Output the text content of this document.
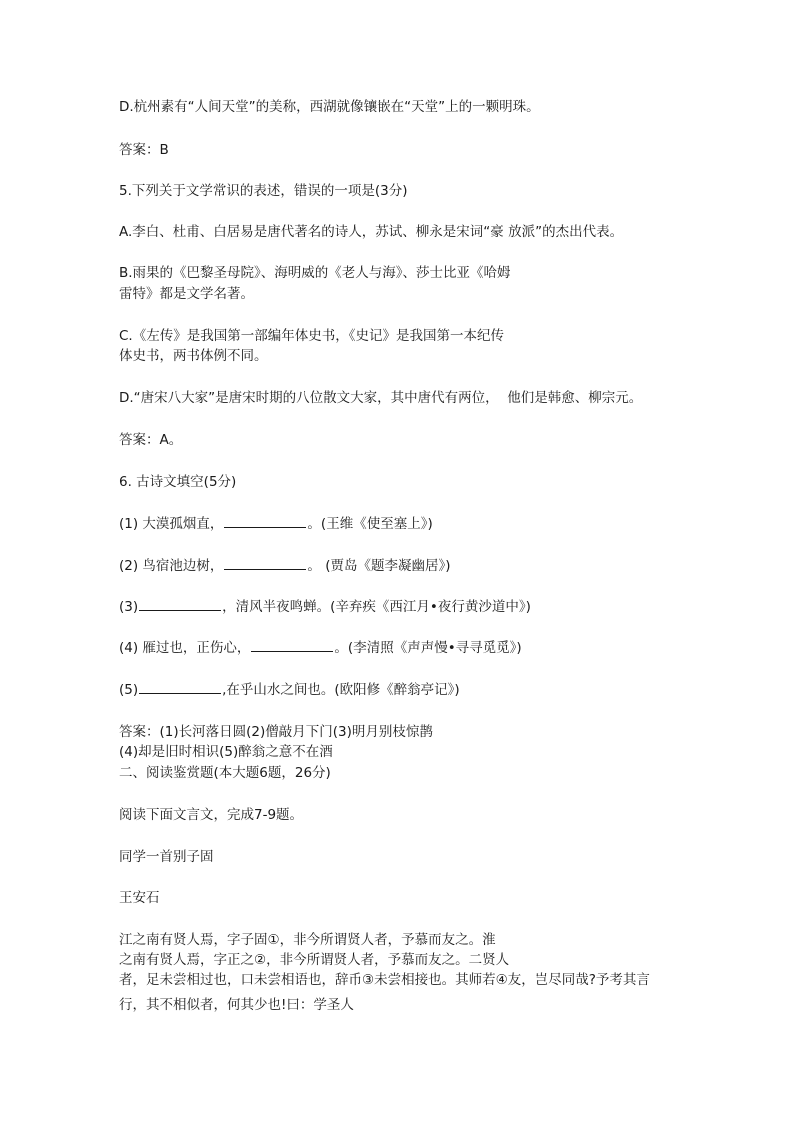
D.杭州素有“人间天堂”的美称，西湖就像镶嵌在“天堂”上的一颗明珠。
答案：B
5.下列关于文学常识的表述，错误的一项是(3分)
A.李白、杜甫、白居易是唐代著名的诗人，苏试、柳永是宋词“豪 放派”的杰出代表。
B.雨果的《巴黎圣母院》、海明威的《老人与海》、莎士比亚《哈姆
雷特》都是文学名著。
C.《左传》是我国第一部编年体史书，《史记》是我国第一本纪传
体史书，两书体例不同。
D.“唐宋八大家”是唐宋时期的八位散文大家，其中唐代有两位，  他们是韩愈、柳宗元。
答案：A。
6. 古诗文填空(5分)
(1) 大漠孤烟直，	。(王维《使至塞上》)
(2) 鸟宿池边树，	。 (贾岛《题李凝幽居》)
(3)	，清风半夜鸣蝉。(辛弃疾《西江月•夜行黄沙道中》)
(4) 雁过也，正伤心，	。(李清照《声声慢•寻寻觅觅》)
(5)	,在乎山水之间也。(欧阳修《醉翁亭记》)
答案：(1)长河落日圆(2)僧敲月下门(3)明月别枝惊鹊
(4)却是旧时相识(5)醉翁之意不在酒
二、阅读鉴赏题(本大题6题，26分)
阅读下面文言文，完成7-9题。
同学一首别子固
王安石
江之南有贤人焉，字子固①，非今所谓贤人者，予慕而友之。淮
之南有贤人焉，字正之②，非今所谓贤人者，予慕而友之。二贤人
者，足未尝相过也，口未尝相语也，辞币③未尝相接也。其师若④友，岂尽同哉?予考其言
行，其不相似者，何其少也!曰：学圣人
